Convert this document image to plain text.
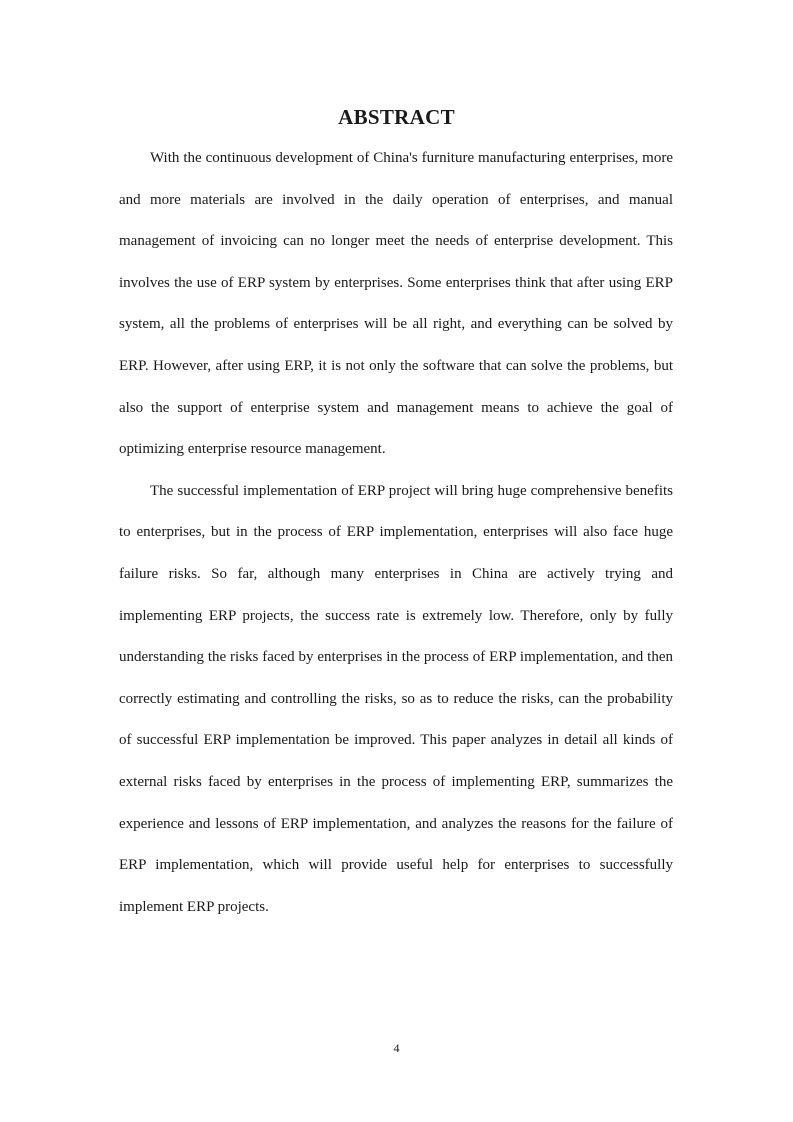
ABSTRACT

With the continuous development of China's furniture manufacturing enterprises, more and more materials are involved in the daily operation of enterprises, and manual management of invoicing can no longer meet the needs of enterprise development. This involves the use of ERP system by enterprises. Some enterprises think that after using ERP system, all the problems of enterprises will be all right, and everything can be solved by ERP. However, after using ERP, it is not only the software that can solve the problems, but also the support of enterprise system and management means to achieve the goal of optimizing enterprise resource management.

The successful implementation of ERP project will bring huge comprehensive benefits to enterprises, but in the process of ERP implementation, enterprises will also face huge failure risks. So far, although many enterprises in China are actively trying and implementing ERP projects, the success rate is extremely low. Therefore, only by fully understanding the risks faced by enterprises in the process of ERP implementation, and then correctly estimating and controlling the risks, so as to reduce the risks, can the probability of successful ERP implementation be improved. This paper analyzes in detail all kinds of external risks faced by enterprises in the process of implementing ERP, summarizes the experience and lessons of ERP implementation, and analyzes the reasons for the failure of ERP implementation, which will provide useful help for enterprises to successfully implement ERP projects.

4
